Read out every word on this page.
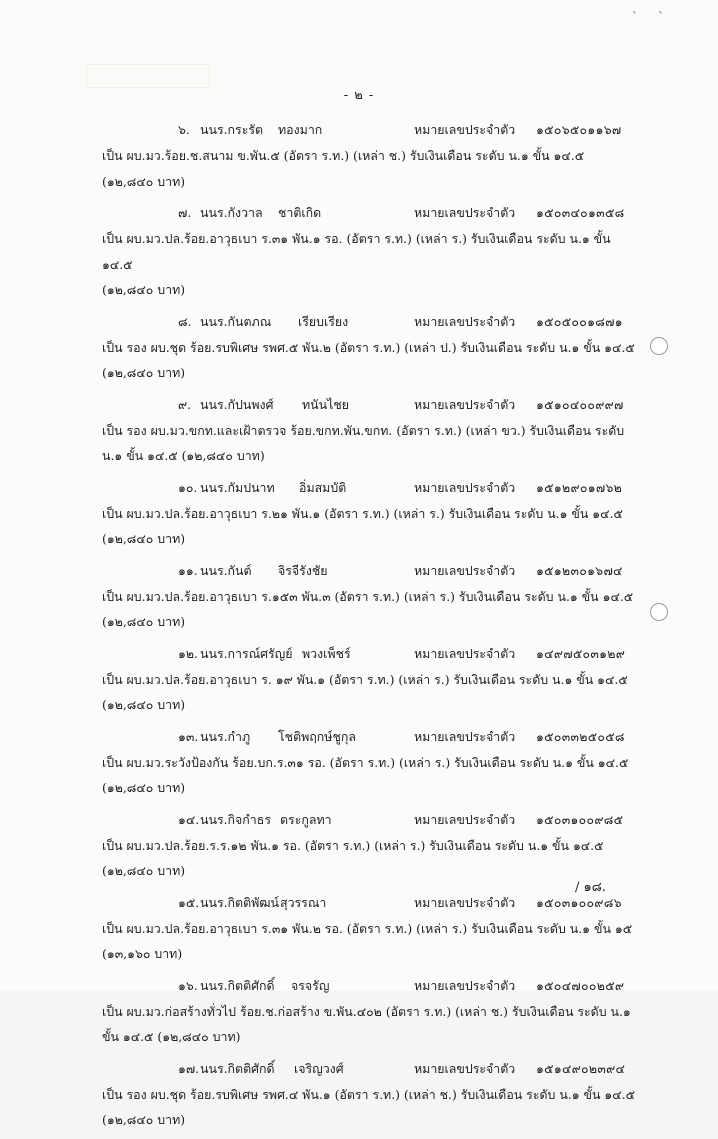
ˋ ˋ
- ๒ -
๖. นนร.กระรัต ทองมาก	หมายเลขประจำตัว ๑๕๐๖๕๐๑๑๖๗
เป็น ผบ.มว.ร้อย.ช.สนาม ข.พัน.๕ (อัตรา ร.ท.) (เหล่า ช.) รับเงินเดือน ระดับ น.๑ ขั้น ๑๔.๕
(๑๒,๘๔๐ บาท)
๗. นนร.กังวาล ชาติเกิด	หมายเลขประจำตัว ๑๕๐๓๔๐๑๓๕๘
เป็น ผบ.มว.ปล.ร้อย.อาวุธเบา ร.๓๑ พัน.๑ รอ. (อัตรา ร.ท.) (เหล่า ร.) รับเงินเดือน ระดับ น.๑ ขั้น ๑๔.๕
(๑๒,๘๔๐ บาท)
๘. นนร.กันตภณ เรียบเรียง	หมายเลขประจำตัว ๑๕๐๕๐๐๑๘๗๑
เป็น รอง ผบ.ชุด ร้อย.รบพิเศษ รพศ.๕ พัน.๒ (อัตรา ร.ท.) (เหล่า ป.) รับเงินเดือน ระดับ น.๑ ขั้น ๑๔.๕
(๑๒,๘๔๐ บาท)
๙. นนร.กัปนพงศ์ ทนันไชย	หมายเลขประจำตัว ๑๕๑๐๔๐๐๙๙๗
เป็น รอง ผบ.มว.ขกท.และเฝ้าตรวจ ร้อย.ขกท.พัน.ขกท. (อัตรา ร.ท.) (เหล่า ขว.) รับเงินเดือน ระดับ
น.๑ ขั้น ๑๔.๕ (๑๒,๘๔๐ บาท)
๑๐. นนร.กัมปนาท อิ่มสมบัติ	หมายเลขประจำตัว ๑๕๑๒๙๐๑๗๖๒
เป็น ผบ.มว.ปล.ร้อย.อาวุธเบา ร.๒๑ พัน.๑ (อัตรา ร.ท.) (เหล่า ร.) รับเงินเดือน ระดับ น.๑ ขั้น ๑๔.๕
(๑๒,๘๔๐ บาท)
๑๑. นนร.กันต์ จิรจีรังชัย	หมายเลขประจำตัว ๑๕๑๒๓๐๑๖๗๔
เป็น ผบ.มว.ปล.ร้อย.อาวุธเบา ร.๑๕๓ พัน.๓ (อัตรา ร.ท.) (เหล่า ร.) รับเงินเดือน ระดับ น.๑ ขั้น ๑๔.๕
(๑๒,๘๔๐ บาท)
๑๒. นนร.การณ์ศรัญย์ พวงเพ็ชร์	หมายเลขประจำตัว ๑๔๙๗๕๐๓๑๒๙
เป็น ผบ.มว.ปล.ร้อย.อาวุธเบา ร. ๑๙ พัน.๑ (อัตรา ร.ท.) (เหล่า ร.) รับเงินเดือน ระดับ น.๑ ขั้น ๑๔.๕
(๑๒,๘๔๐ บาท)
๑๓. นนร.กำภู โชติพฤกษ์ชูกุล	หมายเลขประจำตัว ๑๕๐๓๓๒๕๐๕๘
เป็น ผบ.มว.ระวังป้องกัน ร้อย.บก.ร.๓๑ รอ. (อัตรา ร.ท.) (เหล่า ร.) รับเงินเดือน ระดับ น.๑ ขั้น ๑๔.๕
(๑๒,๘๔๐ บาท)
๑๔. นนร.กิจกำธร ตระกูลทา	หมายเลขประจำตัว ๑๕๐๓๑๐๐๙๘๕
เป็น ผบ.มว.ปล.ร้อย.ร.ร.๑๒ พัน.๑ รอ. (อัตรา ร.ท.) (เหล่า ร.) รับเงินเดือน ระดับ น.๑ ขั้น ๑๔.๕
(๑๒,๘๔๐ บาท)
๑๕. นนร.กิตติพัฒน์ สุวรรณา	หมายเลขประจำตัว ๑๕๐๓๑๐๐๙๘๖
เป็น ผบ.มว.ปล.ร้อย.อาวุธเบา ร.๓๑ พัน.๒ รอ. (อัตรา ร.ท.) (เหล่า ร.) รับเงินเดือน ระดับ น.๑ ขั้น ๑๕
(๑๓,๑๖๐ บาท)
๑๖. นนร.กิตติศักดิ์ จรจรัญ	หมายเลขประจำตัว ๑๕๐๔๗๐๐๒๕๙
เป็น ผบ.มว.ก่อสร้างทั่วไป ร้อย.ช.ก่อสร้าง ข.พัน.๔๐๒ (อัตรา ร.ท.) (เหล่า ช.) รับเงินเดือน ระดับ น.๑
ขั้น ๑๔.๕ (๑๒,๘๔๐ บาท)
๑๗. นนร.กิตติศักดิ์ เจริญวงศ์	หมายเลขประจำตัว ๑๕๑๔๙๐๒๓๙๔
เป็น รอง ผบ.ชุด ร้อย.รบพิเศษ รพศ.๔ พัน.๑ (อัตรา ร.ท.) (เหล่า ช.) รับเงินเดือน ระดับ น.๑ ขั้น ๑๔.๕
(๑๒,๘๔๐ บาท)
/ ๑๘.
